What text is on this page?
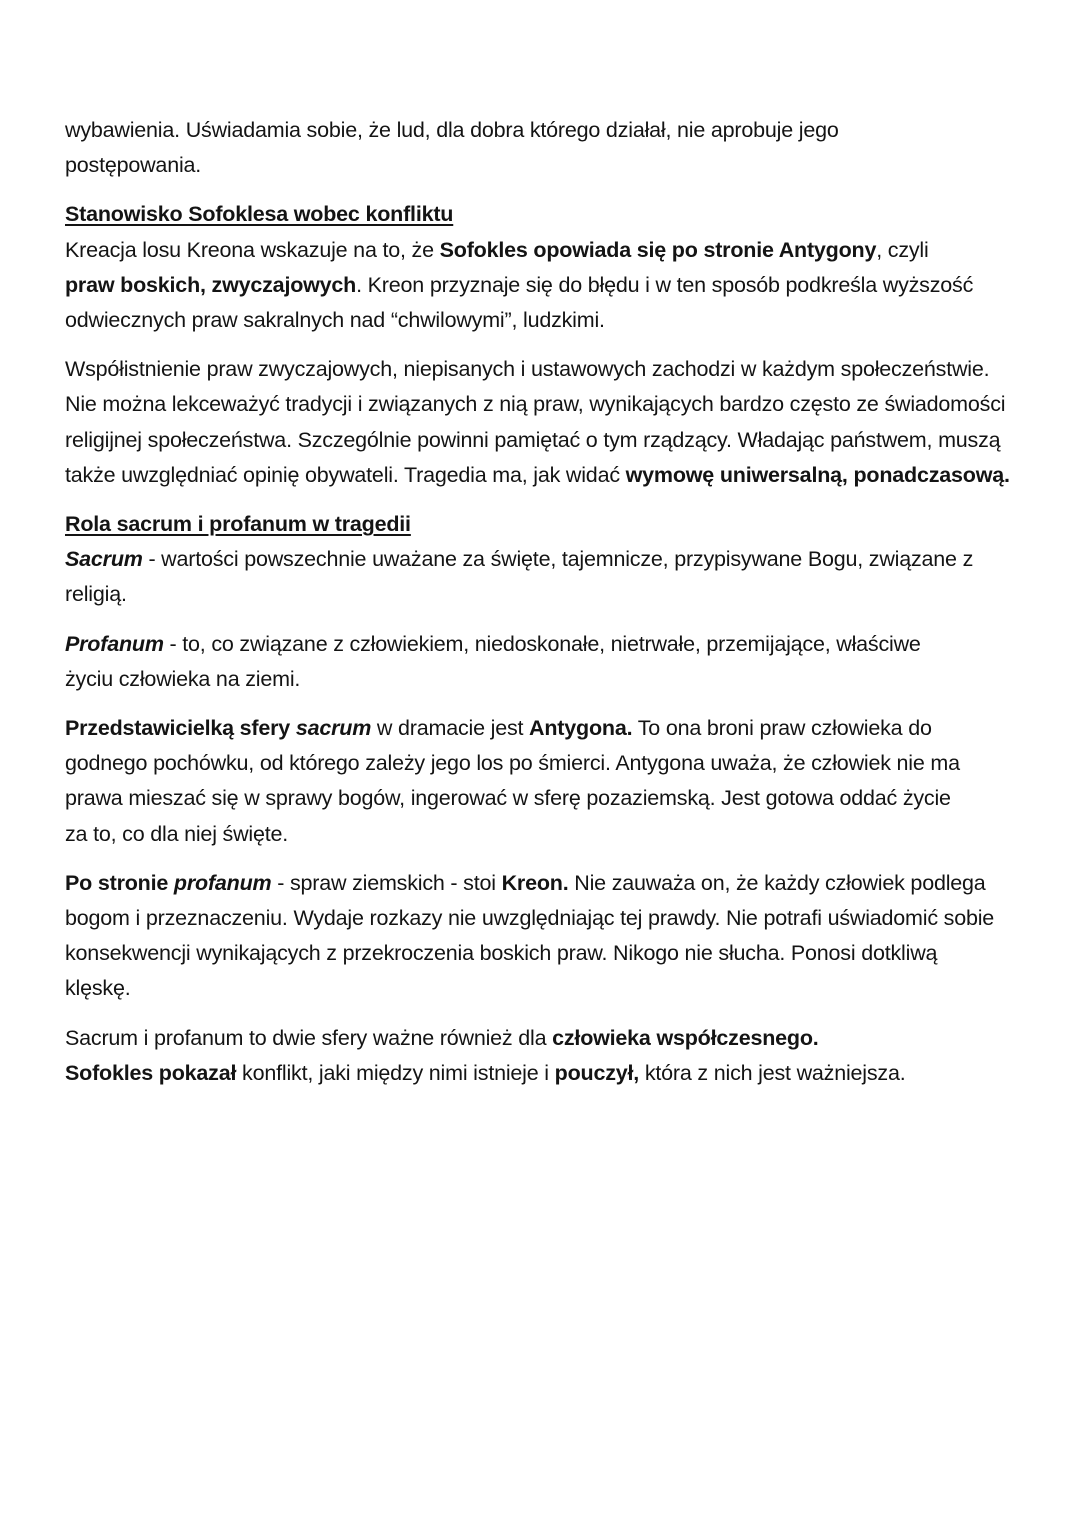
wybawienia. Uświadamia sobie, że lud, dla dobra którego działał, nie aprobuje jego postępowania.

Stanowisko Sofoklesa wobec konfliktu

Kreacja losu Kreona wskazuje na to, że Sofokles opowiada się po stronie Antygony, czyli praw boskich, zwyczajowych. Kreon przyznaje się do błędu i w ten sposób podkreśla wyższość odwiecznych praw sakralnych nad “chwilowymi”, ludzkimi.

Współistnienie praw zwyczajowych, niepisanych i ustawowych zachodzi w każdym społeczeństwie. Nie można lekceważyć tradycji i związanych z nią praw, wynikających bardzo często ze świadomości religijnej społeczeństwa. Szczególnie powinni pamiętać o tym rządzący. Władając państwem, muszą także uwzględniać opinię obywateli. Tragedia ma, jak widać wymowę uniwersalną, ponadczasową.

Rola sacrum i profanum w tragedii

Sacrum - wartości powszechnie uważane za święte, tajemnicze, przypisywane Bogu, związane z religią.

Profanum - to, co związane z człowiekiem, niedoskonałe, nietrwałe, przemijające, właściwe życiu człowieka na ziemi.

Przedstawicielką sfery sacrum w dramacie jest Antygona. To ona broni praw człowieka do godnego pochówku, od którego zależy jego los po śmierci. Antygona uważa, że człowiek nie ma prawa mieszać się w sprawy bogów, ingerować w sferę pozaziemską. Jest gotowa oddać życie za to, co dla niej święte.

Po stronie profanum - spraw ziemskich - stoi Kreon. Nie zauważa on, że każdy człowiek podlega bogom i przeznaczeniu. Wydaje rozkazy nie uwzględniając tej prawdy. Nie potrafi uświadomić sobie konsekwencji wynikających z przekroczenia boskich praw. Nikogo nie słucha. Ponosi dotkliwą klęskę.

Sacrum i profanum to dwie sfery ważne również dla człowieka współczesnego.
Sofokles pokazał konflikt, jaki między nimi istnieje i pouczył, która z nich jest ważniejsza.
